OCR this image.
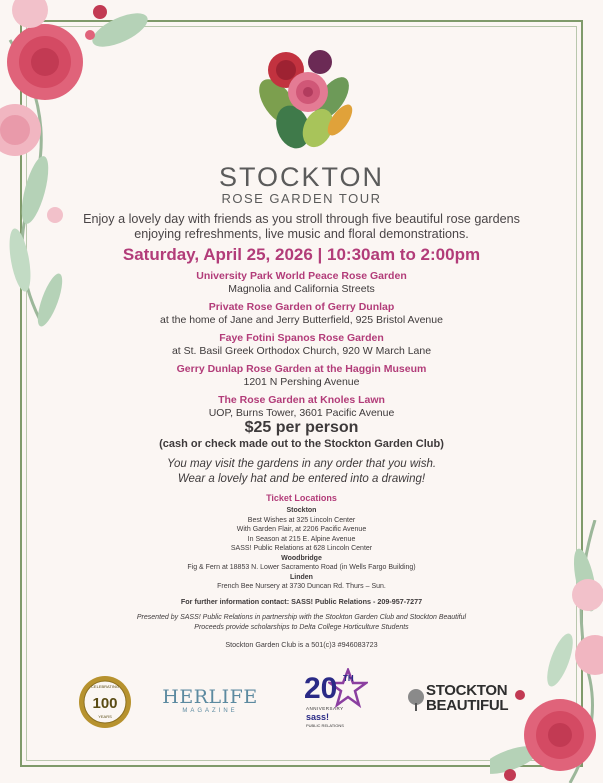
STOCKTON
ROSE GARDEN TOUR
Enjoy a lovely day with friends as you stroll through five beautiful rose gardens enjoying refreshments, live music and floral demonstrations.
Saturday, April 25, 2026 | 10:30am to 2:00pm
University Park World Peace Rose Garden
Magnolia and California Streets
Private Rose Garden of Gerry Dunlap
at the home of Jane and Jerry Butterfield, 925 Bristol Avenue
Faye Fotini Spanos Rose Garden
at St. Basil Greek Orthodox Church, 920 W March Lane
Gerry Dunlap Rose Garden at the Haggin Museum
1201 N Pershing Avenue
The Rose Garden at Knoles Lawn
UOP, Burns Tower, 3601 Pacific Avenue
$25 per person
(cash or check made out to the Stockton Garden Club)
You may visit the gardens in any order that you wish.
Wear a lovely hat and be entered into a drawing!
Ticket Locations
Stockton
Best Wishes at 325 Lincoln Center
With Garden Flair, at 2206 Pacific Avenue
In Season at 215 E. Alpine Avenue
SASS! Public Relations at 628 Lincoln Center
Woodbridge
Fig & Fern at 18853 N. Lower Sacramento Road (in Wells Fargo Building)
Linden
French Bee Nursery at 3730 Duncan Rd. Thurs – Sun.
For further information contact: SASS! Public Relations - 209-957-7277
Presented by SASS! Public Relations in partnership with the Stockton Garden Club and Stockton Beautiful
Proceeds provide scholarships to Delta College Horticulture Students
Stockton Garden Club is a 501(c)3 #946083723
CELEBRATING
100
YEARS
HERLIFE
MAGAZINE
20 TH
ANNIVERSARY
sass!
PUBLIC RELATIONS
STOCKTON
BEAUTIFUL
